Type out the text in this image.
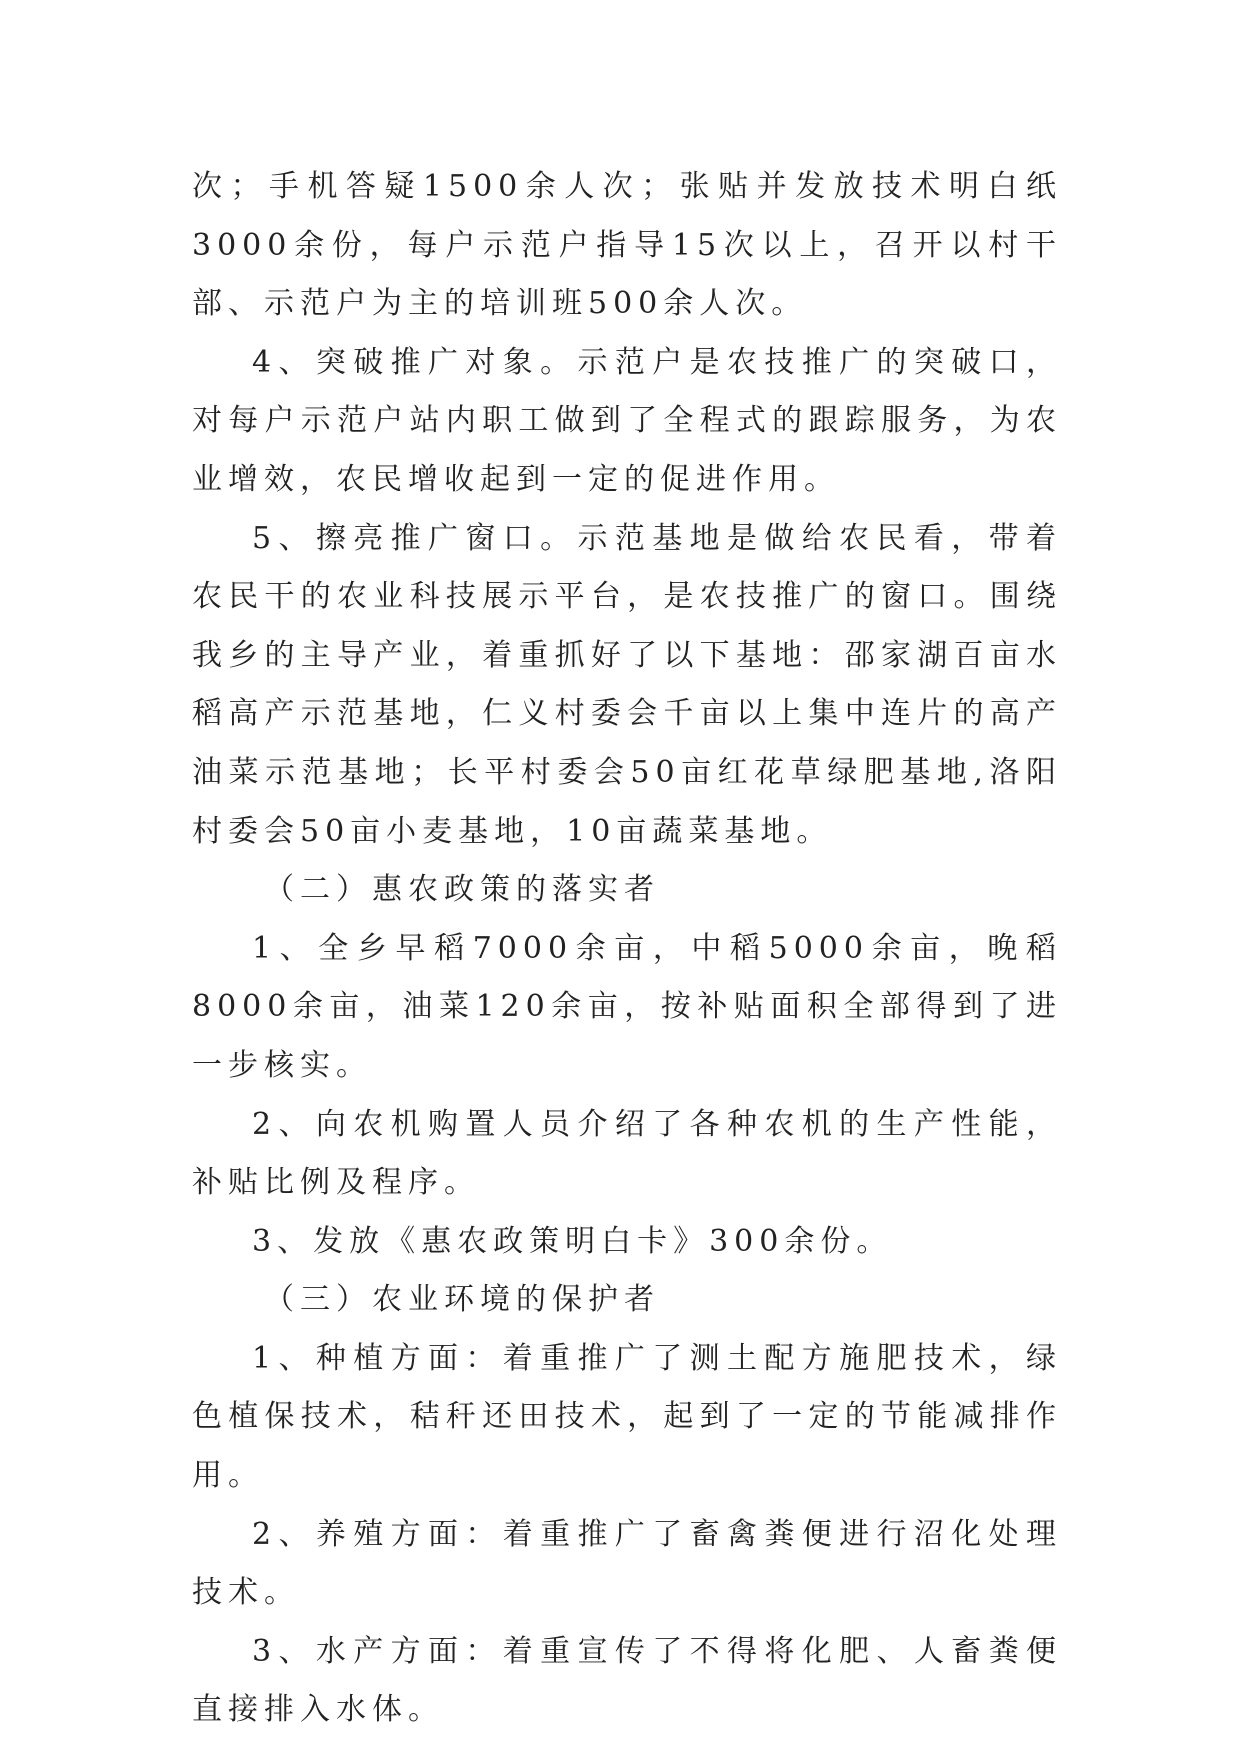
次；手机答疑1500余人次；张贴并发放技术明白纸3000余份，每户示范户指导15次以上，召开以村干部、示范户为主的培训班500余人次。

4、突破推广对象。示范户是农技推广的突破口，对每户示范户站内职工做到了全程式的跟踪服务，为农业增效，农民增收起到一定的促进作用。

5、擦亮推广窗口。示范基地是做给农民看，带着农民干的农业科技展示平台，是农技推广的窗口。围绕我乡的主导产业，着重抓好了以下基地：邵家湖百亩水稻高产示范基地，仁义村委会千亩以上集中连片的高产油菜示范基地；长平村委会50亩红花草绿肥基地,洛阳村委会50亩小麦基地，10亩蔬菜基地。

（二）惠农政策的落实者

1、全乡早稻7000余亩，中稻5000余亩，晚稻8000余亩，油菜120余亩，按补贴面积全部得到了进一步核实。

2、向农机购置人员介绍了各种农机的生产性能，补贴比例及程序。

3、发放《惠农政策明白卡》300余份。

（三）农业环境的保护者

1、种植方面：着重推广了测土配方施肥技术，绿色植保技术，秸秆还田技术，起到了一定的节能减排作用。

2、养殖方面：着重推广了畜禽粪便进行沼化处理技术。

3、水产方面：着重宣传了不得将化肥、人畜粪便直接排入水体。
